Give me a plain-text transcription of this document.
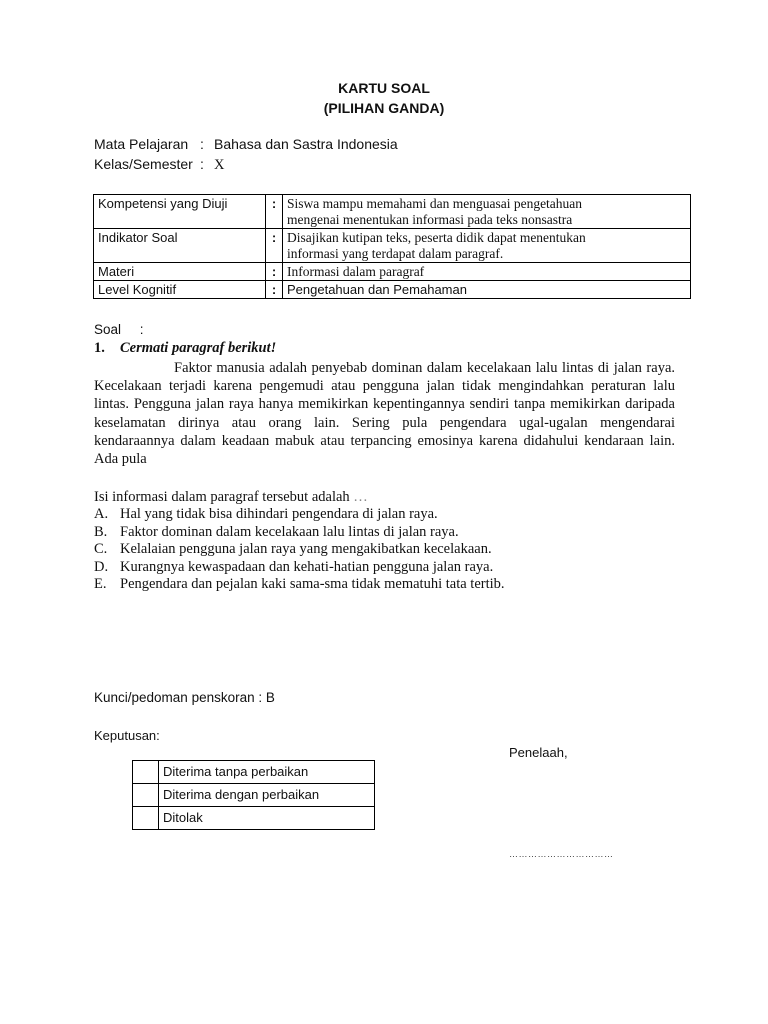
KARTU SOAL
(PILIHAN GANDA)
Mata Pelajaran : Bahasa dan Sastra Indonesia
Kelas/Semester : X
Kompetensi yang Diuji	:	Siswa mampu memahami dan menguasai pengetahuan
mengenai menentukan informasi pada teks nonsastra

Indikator Soal	:	Disajikan kutipan teks, peserta didik dapat menentukan
informasi yang terdapat dalam paragraf.

Materi	:	Informasi dalam paragraf
Level Kognitif	:	Pengetahuan dan Pemahaman
Soal     :
1. Cermati paragraf berikut!

Faktor manusia adalah penyebab dominan dalam kecelakaan lalu lintas di jalan raya. Kecelakaan terjadi karena pengemudi atau pengguna jalan tidak mengindahkan peraturan lalu lintas. Pengguna jalan raya hanya memikirkan kepentingannya sendiri tanpa memikirkan daripada keselamatan dirinya atau orang lain. Sering pula pengendara ugal-ugalan mengendarai kendaraannya dalam keadaan mabuk atau terpancing emosinya karena didahului kendaraan lain. Ada pula

Isi informasi dalam paragraf tersebut adalah …
A. Hal yang tidak bisa dihindari pengendara di jalan raya.
B. Faktor dominan dalam kecelakaan lalu lintas di jalan raya.
C. Kelalaian pengguna jalan raya yang mengakibatkan kecelakaan.
D. Kurangnya kewaspadaan dan kehati-hatian pengguna jalan raya.
E. Pengendara dan pejalan kaki sama-sma tidak mematuhi tata tertib.
Kunci/pedoman penskoran : B
Keputusan:
Penelaah,
	Diterima tanpa perbaikan
	Diterima dengan perbaikan
	Ditolak
……………………………
